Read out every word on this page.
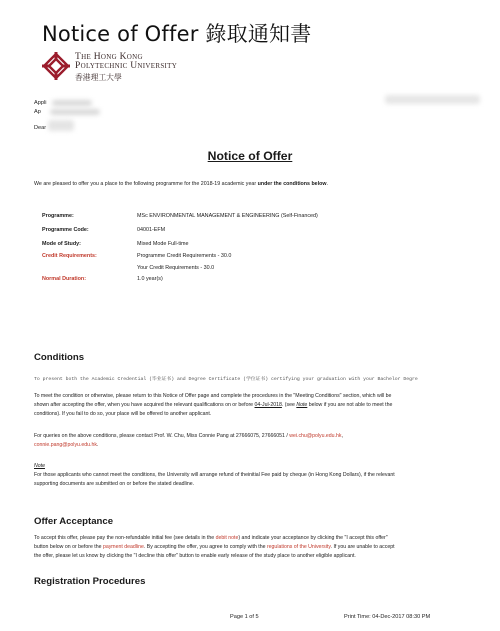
Notice of Offer 錄取通知書
The Hong Kong
Polytechnic University
香港理工大學
Appli
Ap
Dear
Notice of Offer
We are pleased to offer you a place to the following programme for the 2018-19 academic year under the conditions below.
Programme:	MSc ENVIRONMENTAL MANAGEMENT & ENGINEERING (Self-Financed)
Programme Code:	04001-EFM
Mode of Study:	Mixed Mode Full-time
Credit Requirements:	Programme Credit Requirements - 30.0
Your Credit Requirements - 30.0
Normal Duration:	1.0 year(s)
Conditions
To present both the Academic Credential (毕业证书) and Degree Certificate (学位证书) certifying your graduation with your Bachelor Degre
To meet the condition or otherwise, please return to this Notice of Offer page and complete the procedures in the "Meeting Conditions" section, which will be
shown after accepting the offer, when you have acquired the relevant qualifications on or before 04-Jul-2018. (see Note below if you are not able to meet the
conditions). If you fail to do so, your place will be offered to another applicant.
For queries on the above conditions, please contact Prof. W. Chu, Miss Connie Pang at 27666075, 27666051 / wei.chu@polyu.edu.hk,
connie.pang@polyu.edu.hk.
Note
For those applicants who cannot meet the conditions, the University will arrange refund of theinitial Fee paid by cheque (in Hong Kong Dollars), if the relevant
supporting documents are submitted on or before the stated deadline.
Offer Acceptance
To accept this offer, please pay the non-refundable initial fee (see details in the debit note) and indicate your acceptance by clicking the "I accept this offer"
button below on or before the payment deadline. By accepting the offer, you agree to comply with the regulations of the University. If you are unable to accept
the offer, please let us know by clicking the "I decline this offer" button to enable early release of the study place to another eligible applicant.
Registration Procedures
Page 1 of 5	Print Time: 04-Dec-2017 08:30 PM
